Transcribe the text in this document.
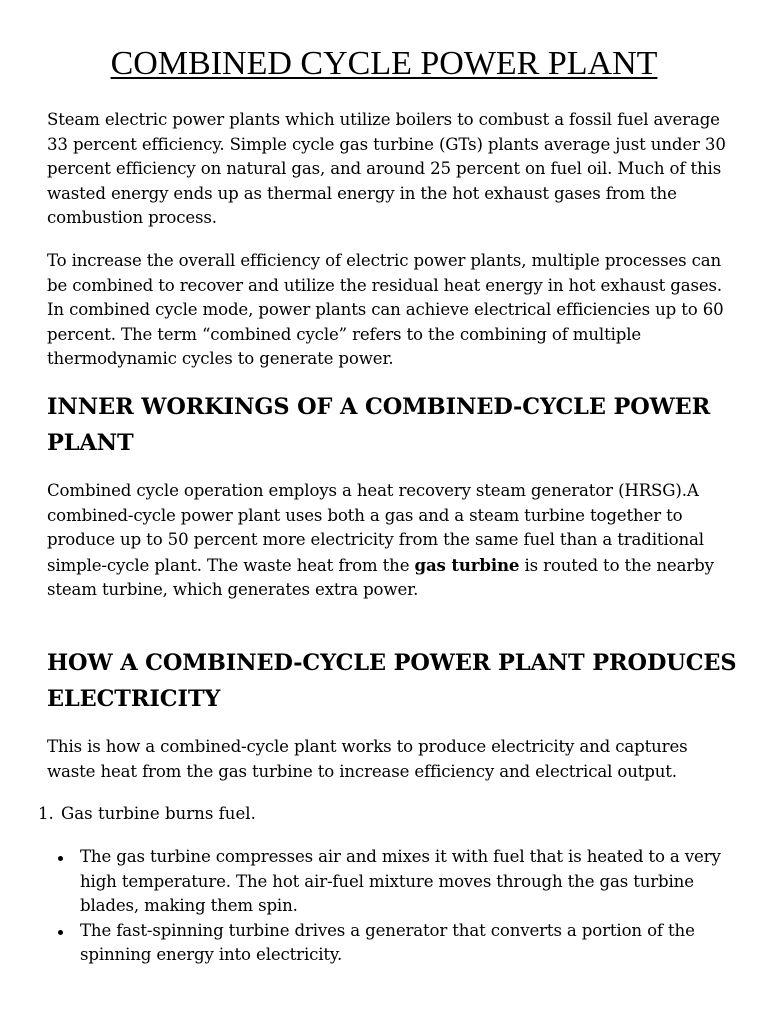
COMBINED CYCLE POWER PLANT

Steam electric power plants which utilize boilers to combust a fossil fuel average 33 percent efficiency. Simple cycle gas turbine (GTs) plants average just under 30 percent efficiency on natural gas, and around 25 percent on fuel oil. Much of this wasted energy ends up as thermal energy in the hot exhaust gases from the combustion process.

To increase the overall efficiency of electric power plants, multiple processes can be combined to recover and utilize the residual heat energy in hot exhaust gases. In combined cycle mode, power plants can achieve electrical efficiencies up to 60 percent. The term “combined cycle” refers to the combining of multiple thermodynamic cycles to generate power.

INNER WORKINGS OF A COMBINED-CYCLE POWER PLANT

Combined cycle operation employs a heat recovery steam generator (HRSG).A combined-cycle power plant uses both a gas and a steam turbine together to produce up to 50 percent more electricity from the same fuel than a traditional simple-cycle plant. The waste heat from the gas turbine is routed to the nearby steam turbine, which generates extra power.

HOW A COMBINED-CYCLE POWER PLANT PRODUCES ELECTRICITY

This is how a combined-cycle plant works to produce electricity and captures waste heat from the gas turbine to increase efficiency and electrical output.

1. Gas turbine burns fuel.
The gas turbine compresses air and mixes it with fuel that is heated to a very high temperature. The hot air-fuel mixture moves through the gas turbine blades, making them spin.
The fast-spinning turbine drives a generator that converts a portion of the spinning energy into electricity.
